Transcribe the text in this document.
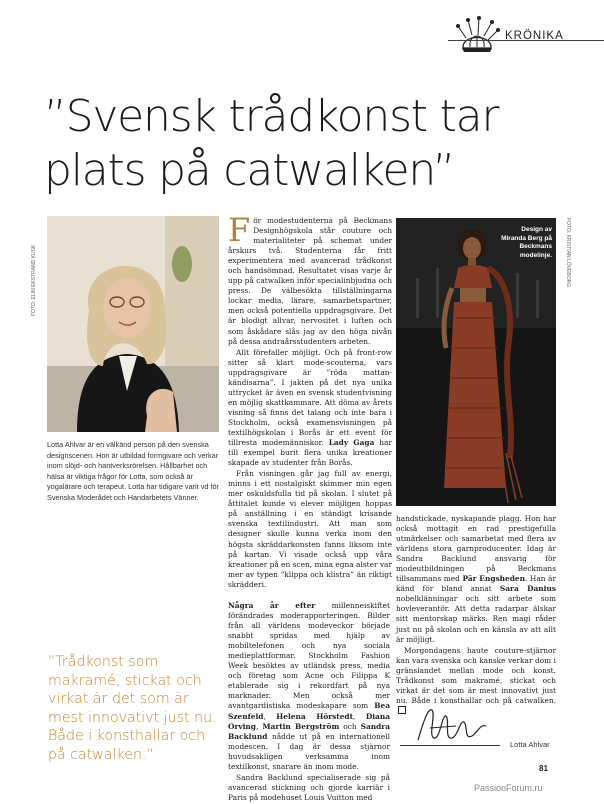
KRÖNIKA
”Svensk trådkonst tar plats på catwalken”
FOTO: ELIN EKSTRAND KUSK
Lotta Ahlvar är en välkänd person på den svenska designscenen. Hon är utbildad formgivare och verkar inom slöjd- och hantverksrörelsen. Hållbarhet och hälsa är viktiga frågor för Lotta, som också är yogalärare och terapeut. Lotta har tidigare varit vd för Svenska Moderådet och Handarbetets Vänner.

För modestudenterna på Beckmans Designhögskola står couture och materialiteter på schemat under årskurs två. Studenterna får fritt experimentera med avancerad trådkonst och handsömnad. Resultatet visas varje år upp på catwalken inför specialinbjudna och press. De välbesökta tillställningarna lockar media, lärare, samarbetspartner, men också potentiella uppdragsgivare. Det är blodigt allvar, nervositet i luften och som åskådare slås jag av den höga nivån på dessa andraårsstudenters arbeten.

Allt förefaller möjligt. Och på front-row sitter så klart mode-scouterna, vars uppdragsgivare är ”röda mattan-kändisarna”. I jakten på det nya unika uttrycket är även en svensk studentvisning en möjlig skattkammare. Att döma av årets visning så finns det talang och inte bara i Stockholm, också examensvisningen på textilhögskolan i Borås är ett event för tillresta modemänniskor. Lady Gaga har till exempel burit flera unika kreationer skapade av studenter från Borås.

Från visningen går jag full av energi, minns i ett nostalgiskt skimmer min egen mer oskuldsfulla tid på skolan. I slutet på åttitalet kunde vi elever möjligen hoppas på anställning i en ständigt krisande svenska textilindustri. Att man som designer skulle kunna verka inom den högsta skräddarkonsten fanns liksom inte på kartan. Vi visade också upp våra kreationer på en scen, mina egna alster var mer av typen ”klippa och klistra” än riktigt skrädderi.

Några år efter millenneiskiftet förändrades moderapporteringen. Bilder från all världens modeveckor började snabbt spridas med hjälp av mobiltelefonen och nya sociala medieplattformar. Stockholm Fashion Week besöktes av utländsk press, media och företag som Acne och Filippa K etablerade sig i rekordfart på nya marknader. Men också mer avantgardistiska modeskapare som Bea Szenfeld, Helena Hörstedt, Diana Orving, Martin Bergström och Sandra Backlund nådde ut på en internationell modescen. I dag är dessa stjärnor huvudsakligen verksamma inom textilkonst, snarare än inom mode.

Sandra Backlund specialiserade sig på avancerad stickning och gjorde karriär i Paris på modehuset Louis Vuitton med

Design av Miranda Berg på Beckmans modelinje.	FOTO: KRISTIAN LÖVEBORG

handstickade, nyskapande plagg. Hon har också mottagit en rad prestigefulla utmärkelser och samarbetat med flera av världens stora garnproducenter. Idag är Sandra Backlund ansvarig för modeutbildningen på Beckmans tillsammans med Pär Engsheden. Han är känd för bland annat Sara Danius nobelklänningar och sitt arbete som hovleverantör. Att detta radarpar älskar sitt mentorskap märks. Ren magi råder just nu på skolan och en känsla av att allt är möjligt.

Morgondagens haute couture-stjärnor kan vara svenska och kanske verkar dom i gränslandet mellan mode och konst. Trådkonst som makramé, stickat och virkat är det som är mest innovativt just nu. Både i konsthallar och på catwalken.

”Trådkonst som makramé, stickat och virkat är det som är mest innovativt just nu. Både i konsthallar och på catwalken.”
Lotta Ahlvar
81
PassionForum.ru
